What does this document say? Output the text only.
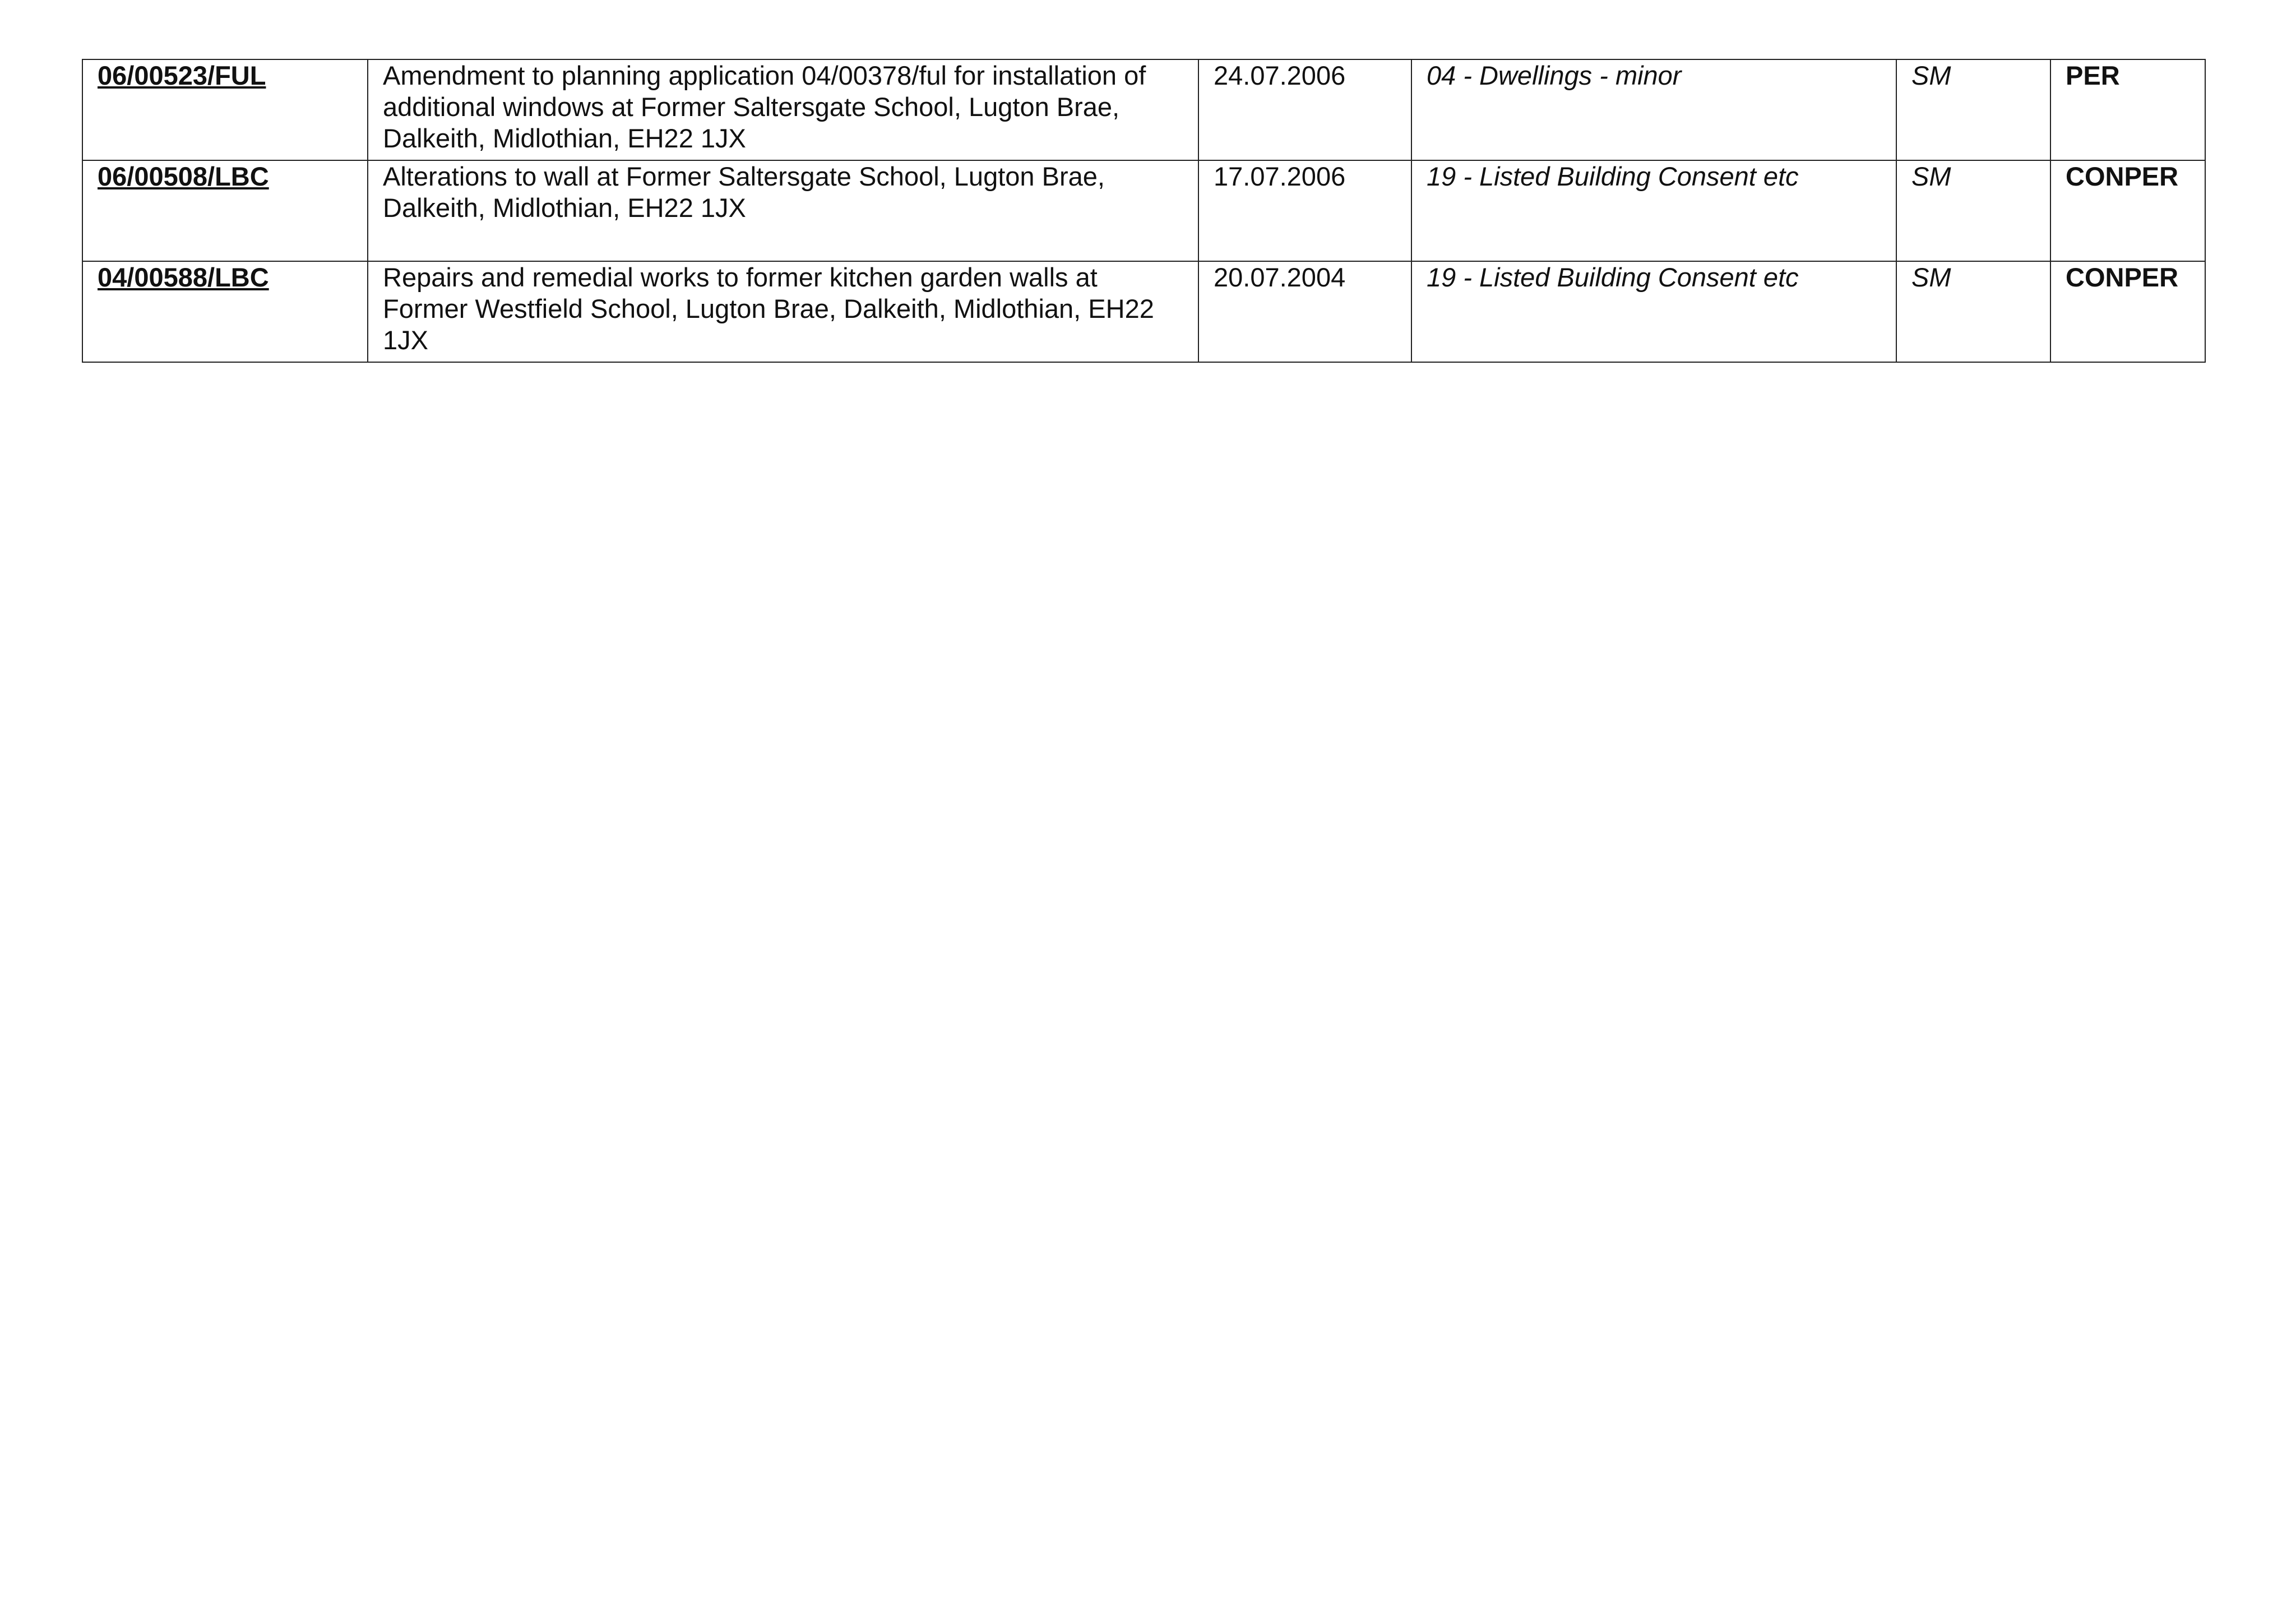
06/00523/FUL	Amendment to planning application 04/00378/ful for installation of additional windows at Former Saltersgate School, Lugton Brae, Dalkeith, Midlothian, EH22 1JX	24.07.2006	04 - Dwellings - minor	SM	PER
06/00508/LBC	Alterations to wall at Former Saltersgate School, Lugton Brae, Dalkeith, Midlothian, EH22 1JX	17.07.2006	19 - Listed Building Consent etc	SM	CONPER
04/00588/LBC	Repairs and remedial works to former kitchen garden walls at Former Westfield School, Lugton Brae, Dalkeith, Midlothian, EH22 1JX	20.07.2004	19 - Listed Building Consent etc	SM	CONPER
